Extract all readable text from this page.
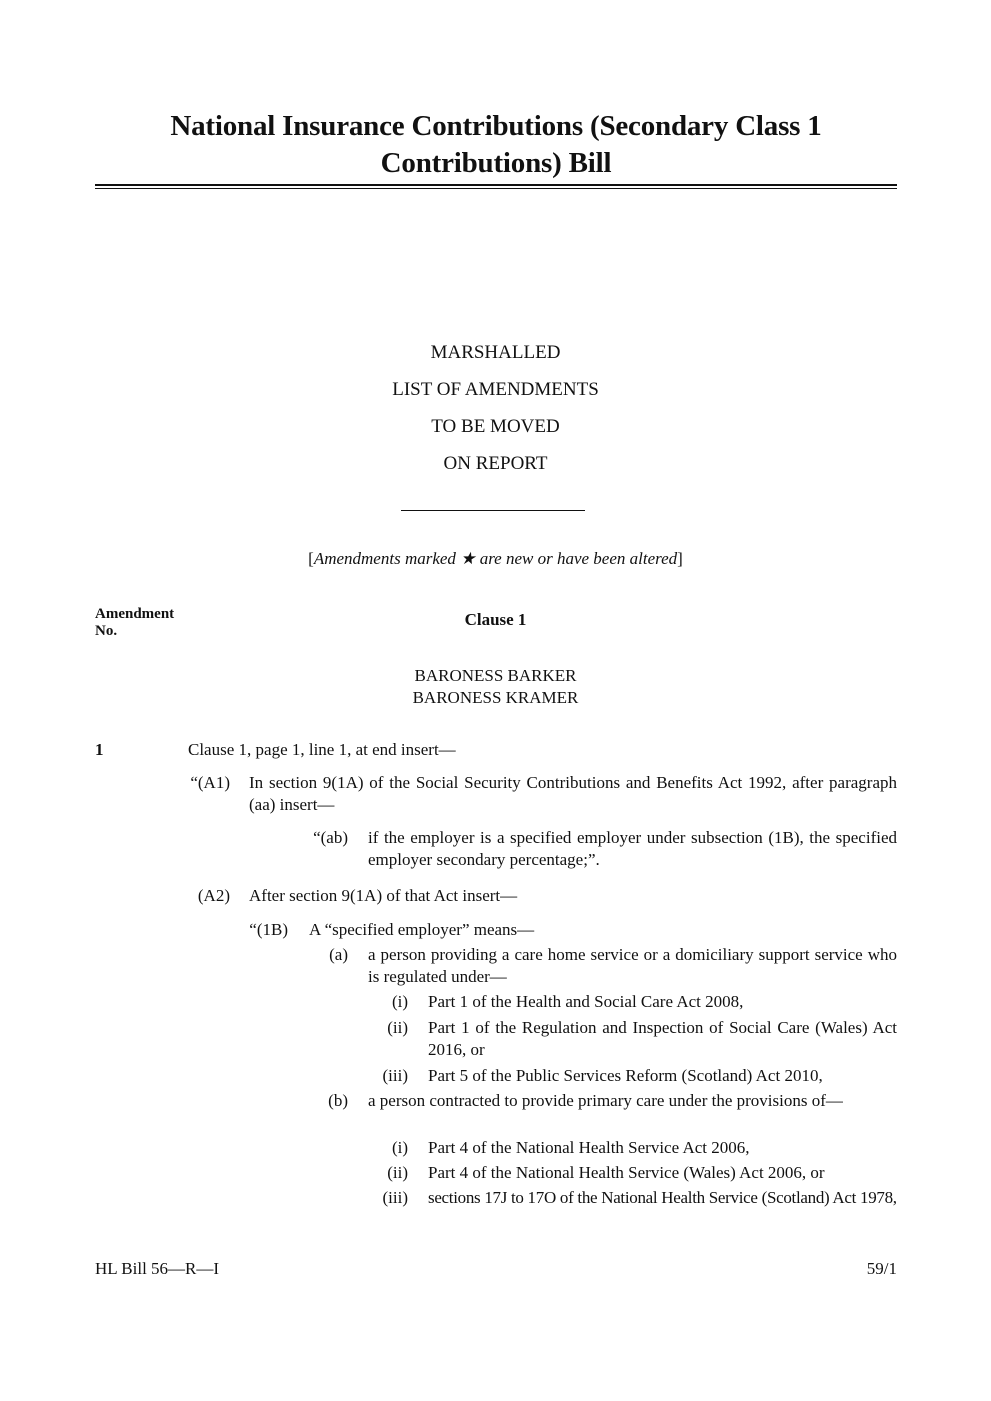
National Insurance Contributions (Secondary Class 1
Contributions) Bill
MARSHALLED
LIST OF AMENDMENTS
TO BE MOVED
ON REPORT
[Amendments marked ★ are new or have been altered]
Amendment
No.
Clause 1
BARONESS BARKER
BARONESS KRAMER
1	Clause 1, page 1, line 1, at end insert—
“(A1) In section 9(1A) of the Social Security Contributions and Benefits Act 1992, after paragraph (aa) insert—
“(ab) if the employer is a specified employer under subsection (1B), the specified employer secondary percentage;”.
(A2) After section 9(1A) of that Act insert—
“(1B) A “specified employer” means—
(a) a person providing a care home service or a domiciliary support service who is regulated under—
(i) Part 1 of the Health and Social Care Act 2008,
(ii) Part 1 of the Regulation and Inspection of Social Care (Wales) Act 2016, or
(iii) Part 5 of the Public Services Reform (Scotland) Act 2010,
(b) a person contracted to provide primary care under the provisions of—
(i) Part 4 of the National Health Service Act 2006,
(ii) Part 4 of the National Health Service (Wales) Act 2006, or
(iii) sections 17J to 17O of the National Health Service (Scotland) Act 1978,
HL Bill 56—R—I	59/1
